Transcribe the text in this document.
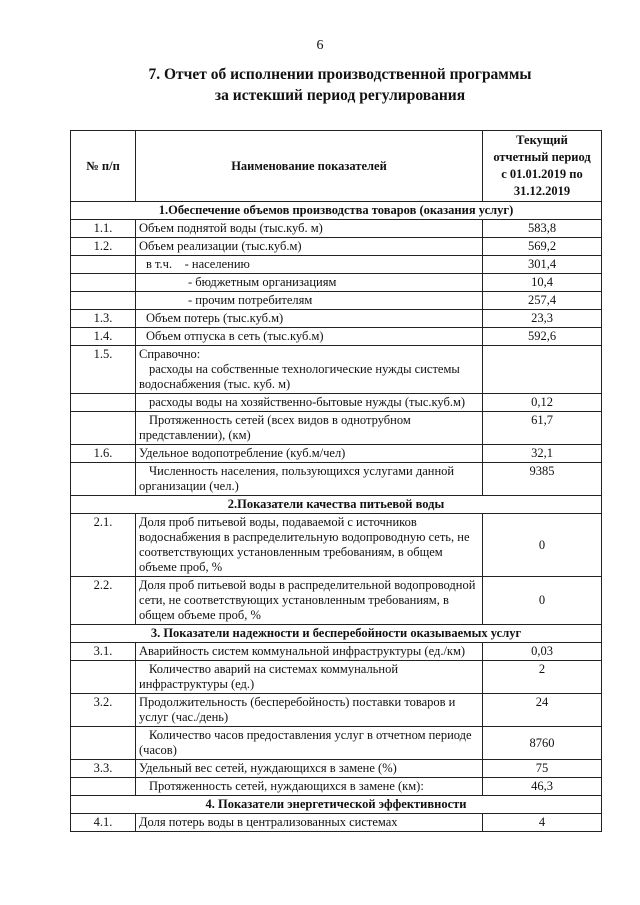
6
7. Отчет об исполнении производственной программы
за истекший период регулирования
№ п/п	Наименование показателей	Текущий
отчетный период
с 01.01.2019 по
31.12.2019

1.Обеспечение объемов производства товаров (оказания услуг)		
1.1.	Объем поднятой воды (тыс.куб. м)	583,8
1.2.	Объем реализации (тыс.куб.м)	569,2
	в т.ч.    - населению	301,4
	- бюджетным организациям	10,4
	- прочим потребителям	257,4
1.3.	Объем потерь (тыс.куб.м)	23,3
1.4.	Объем отпуска в сеть (тыс.куб.м)	592,6
1.5.	Справочно:
расходы на собственные технологические нужды системы водоснабжения (тыс. куб. м)	

	расходы воды на хозяйственно-бытовые нужды (тыс.куб.м)	0,12
	Протяженность сетей (всех видов в однотрубном представлении), (км)	61,7
1.6.	Удельное водопотребление (куб.м/чел)	32,1
	Численность населения, пользующихся услугами данной организации (чел.)	9385
2.Показатели качества питьевой воды		
2.1.	Доля проб питьевой воды, подаваемой с источников водоснабжения в распределительную водопроводную сеть, не соответствующих установленным требованиям, в общем объеме проб, %	0
2.2.	Доля проб питьевой воды в распределительной водопроводной сети, не соответствующих установленным требованиям, в общем объеме проб, %	0
3. Показатели надежности и бесперебойности оказываемых услуг		
3.1.	Аварийность систем коммунальной инфраструктуры (ед./км)	0,03
	Количество аварий на системах коммунальной инфраструктуры (ед.)	2
3.2.	Продолжительность (бесперебойность) поставки товаров и услуг (час./день)	24
	Количество часов предоставления услуг в отчетном периоде (часов)	8760
3.3.	Удельный вес сетей, нуждающихся в замене (%)	75
	Протяженность сетей, нуждающихся в замене (км):	46,3
4. Показатели энергетической эффективности		
4.1.	Доля потерь воды в централизованных системах	4
